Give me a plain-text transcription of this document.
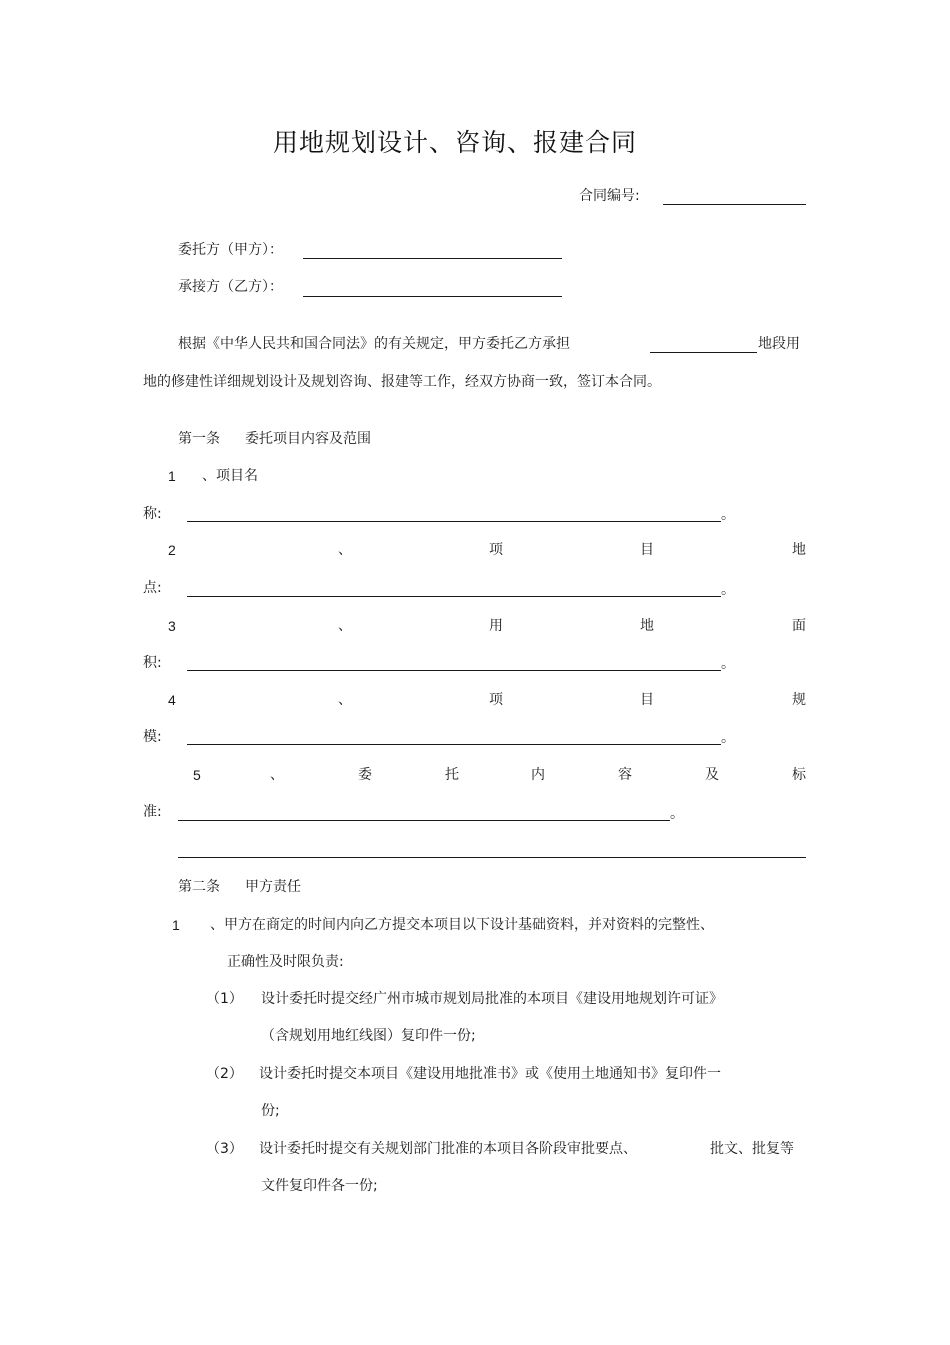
用地规划设计、咨询、报建合同
合同编号:
委托方（甲方）：
承接方（乙方）：
根据《中华人民共和国合同法》的有关规定，甲方委托乙方承担	地段用
地的修建性详细规划设计及规划咨询、报建等工作，经双方协商一致，签订本合同。
第一条 委托项目内容及范围
1 、项目名
称:	。
2	、	项	目	地
点:	。
3	、	用	地	面
积:	。
4	、	项	目	规
模:	。
5	、	委	托	内	容	及	标
准:	。
第二条 甲方责任
1 、甲方在商定的时间内向乙方提交本项目以下设计基础资料，并对资料的完整性、
正确性及时限负责:
（1） 设计委托时提交经广州市城市规划局批准的本项目《建设用地规划许可证》
（含规划用地红线图）复印件一份;
（2） 设计委托时提交本项目《建设用地批准书》或《使用土地通知书》复印件一
份;
（3） 设计委托时提交有关规划部门批准的本项目各阶段审批要点、	批文、批复等
文件复印件各一份;
